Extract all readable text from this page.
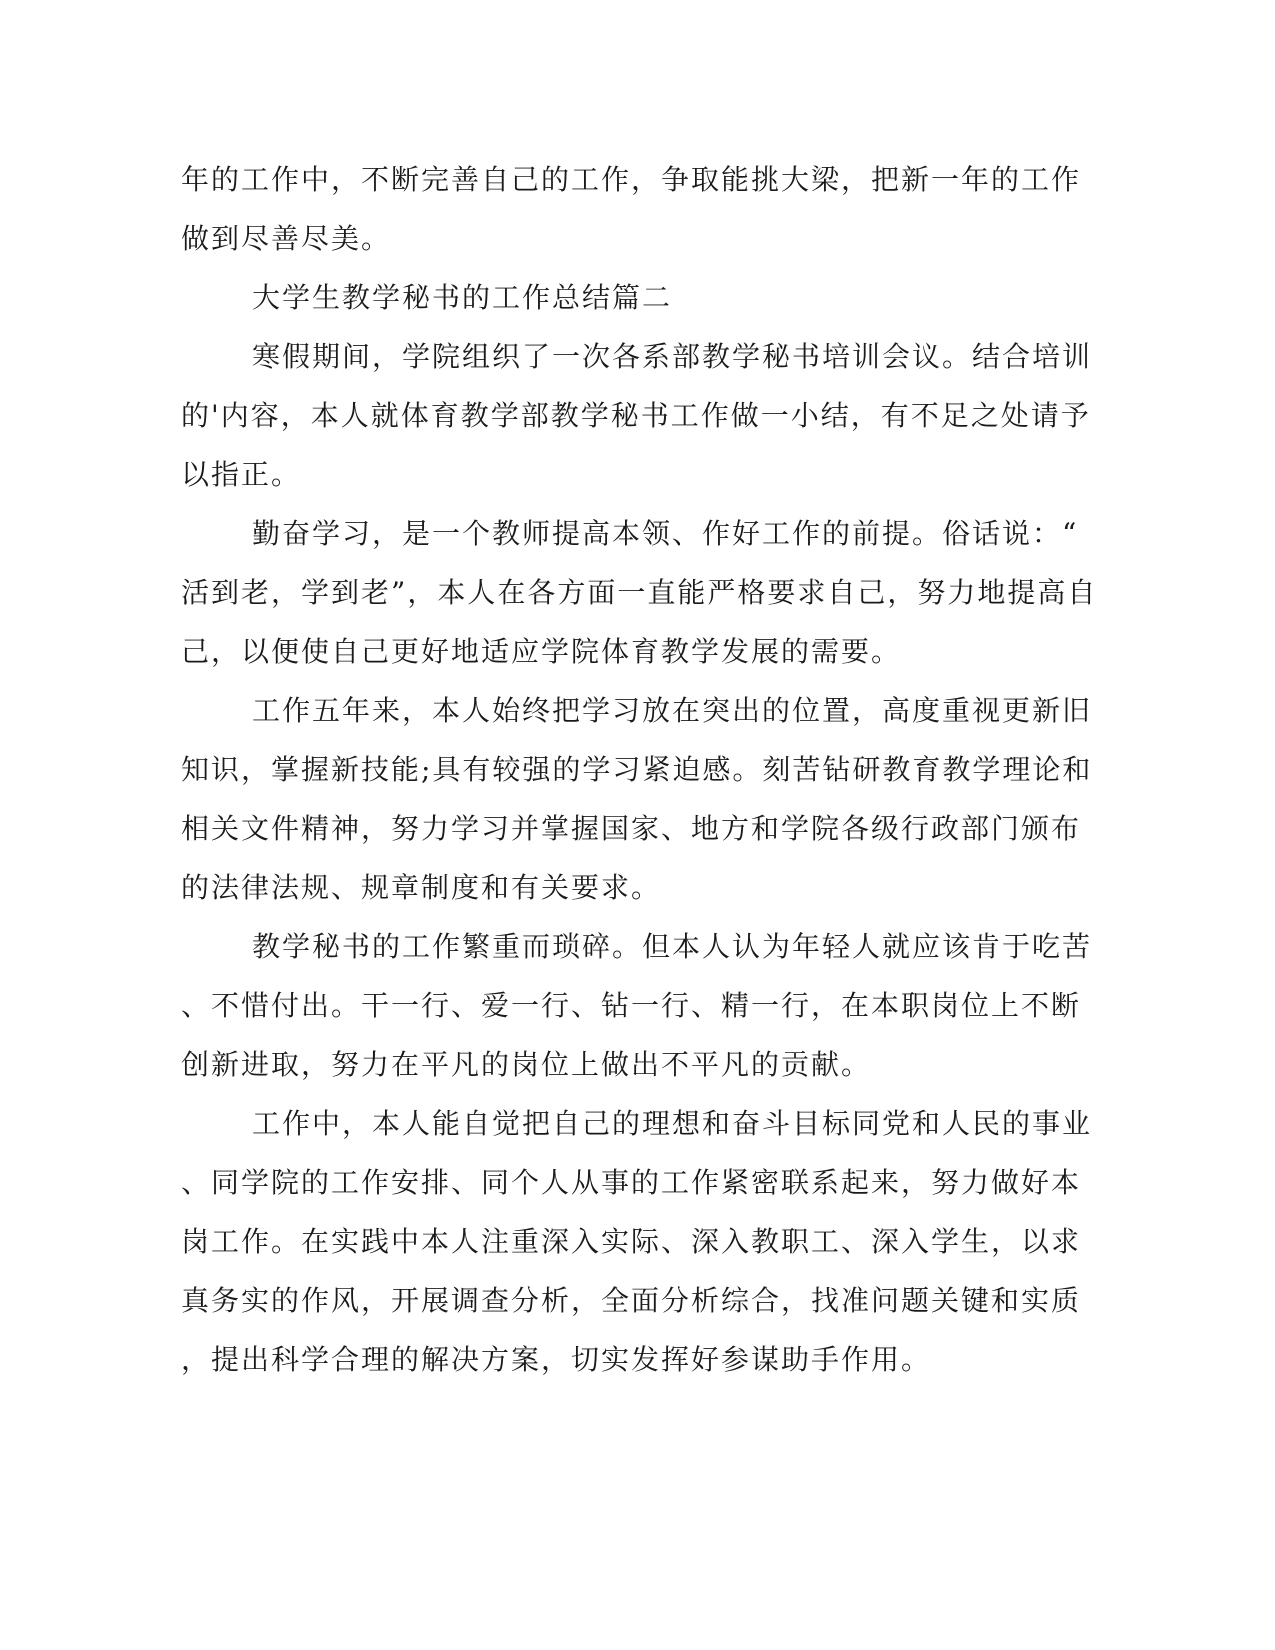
年的工作中，不断完善自己的工作，争取能挑大梁，把新一年的工作
做到尽善尽美。
大学生教学秘书的工作总结篇二
寒假期间，学院组织了一次各系部教学秘书培训会议。结合培训
的'内容，本人就体育教学部教学秘书工作做一小结，有不足之处请予
以指正。
勤奋学习，是一个教师提高本领、作好工作的前提。俗话说：“
活到老，学到老”，本人在各方面一直能严格要求自己，努力地提高自
己，以便使自己更好地适应学院体育教学发展的需要。
工作五年来，本人始终把学习放在突出的位置，高度重视更新旧
知识，掌握新技能;具有较强的学习紧迫感。刻苦钻研教育教学理论和
相关文件精神，努力学习并掌握国家、地方和学院各级行政部门颁布
的法律法规、规章制度和有关要求。
教学秘书的工作繁重而琐碎。但本人认为年轻人就应该肯于吃苦
、不惜付出。干一行、爱一行、钻一行、精一行，在本职岗位上不断
创新进取，努力在平凡的岗位上做出不平凡的贡献。
工作中，本人能自觉把自己的理想和奋斗目标同党和人民的事业
、同学院的工作安排、同个人从事的工作紧密联系起来，努力做好本
岗工作。在实践中本人注重深入实际、深入教职工、深入学生，以求
真务实的作风，开展调查分析，全面分析综合，找准问题关键和实质
，提出科学合理的解决方案，切实发挥好参谋助手作用。
